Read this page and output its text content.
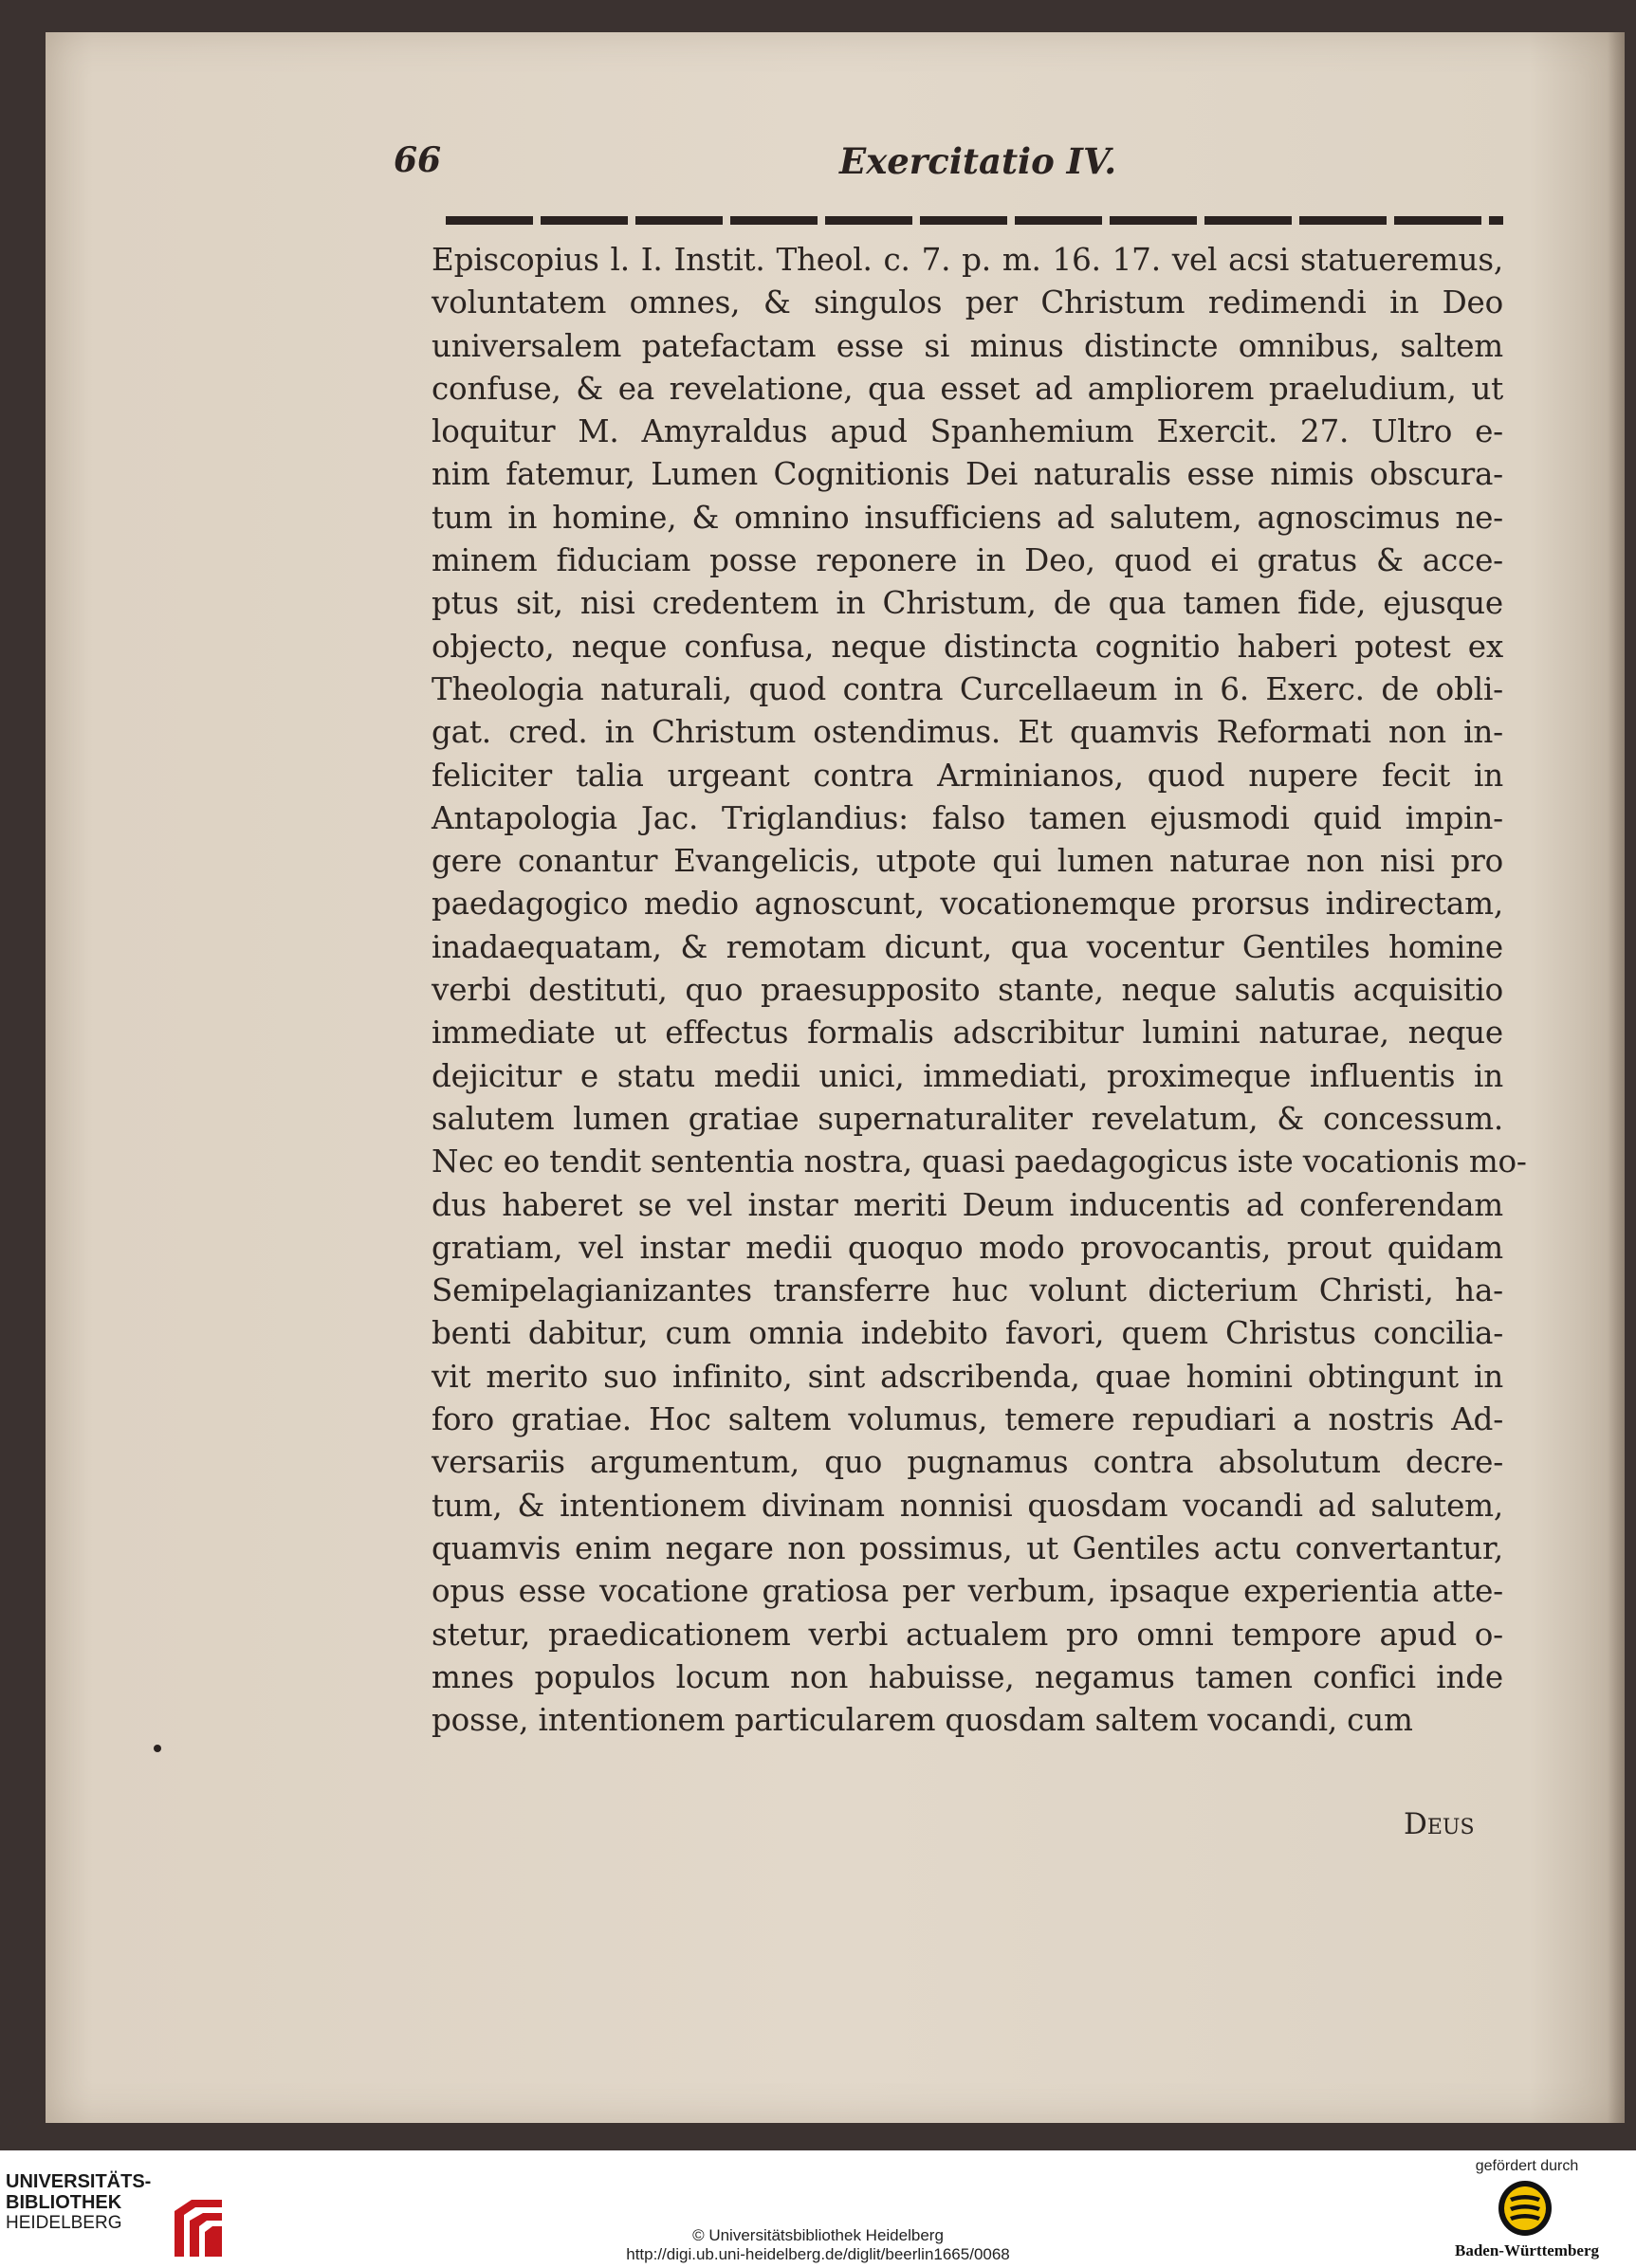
66	Exercitatio IV.
Episcopius l. I. Instit. Theol. c. 7. p. m. 16. 17. vel acsi statueremus,
voluntatem omnes, & singulos per Christum redimendi in Deo
universalem patefactam esse si minus distincte omnibus, saltem
confuse, & ea revelatione, qua esset ad ampliorem praeludium, ut
loquitur M. Amyraldus apud Spanhemium Exercit. 27. Ultro e-
nim fatemur, Lumen Cognitionis Dei naturalis esse nimis obscura-
tum in homine, & omnino insufficiens ad salutem, agnoscimus ne-
minem fiduciam posse reponere in Deo, quod ei gratus & acce-
ptus sit, nisi credentem in Christum, de qua tamen fide, ejusque
objecto, neque confusa, neque distincta cognitio haberi potest ex
Theologia naturali, quod contra Curcellaeum in 6. Exerc. de obli-
gat. cred. in Christum ostendimus. Et quamvis Reformati non in-
feliciter talia urgeant contra Arminianos, quod nupere fecit in
Antapologia Jac. Triglandius: falso tamen ejusmodi quid impin-
gere conantur Evangelicis, utpote qui lumen naturae non nisi pro
paedagogico medio agnoscunt, vocationemque prorsus indirectam,
inadaequatam, & remotam dicunt, qua vocentur Gentiles homine
verbi destituti, quo praesupposito stante, neque salutis acquisitio
immediate ut effectus formalis adscribitur lumini naturae, neque
dejicitur e statu medii unici, immediati, proximeque influentis in
salutem lumen gratiae supernaturaliter revelatum, & concessum.
Nec eo tendit sententia nostra, quasi paedagogicus iste vocationis mo-
dus haberet se vel instar meriti Deum inducentis ad conferendam
gratiam, vel instar medii quoquo modo provocantis, prout quidam
Semipelagianizantes transferre huc volunt dicterium Christi, ha-
benti dabitur, cum omnia indebito favori, quem Christus concilia-
vit merito suo infinito, sint adscribenda, quae homini obtingunt in
foro gratiae. Hoc saltem volumus, temere repudiari a nostris Ad-
versariis argumentum, quo pugnamus contra absolutum decre-
tum, & intentionem divinam nonnisi quosdam vocandi ad salutem,
quamvis enim negare non possimus, ut Gentiles actu convertantur,
opus esse vocatione gratiosa per verbum, ipsaque experientia atte-
stetur, praedicationem verbi actualem pro omni tempore apud o-
mnes populos locum non habuisse, negamus tamen confici inde
posse, intentionem particularem quosdam saltem vocandi, cum
Deus
UNIVERSITÄTS-
BIBLIOTHEK
HEIDELBERG
© Universitätsbibliothek Heidelberg
http://digi.ub.uni-heidelberg.de/diglit/beerlin1665/0068
gefördert durch
Baden-Württemberg
